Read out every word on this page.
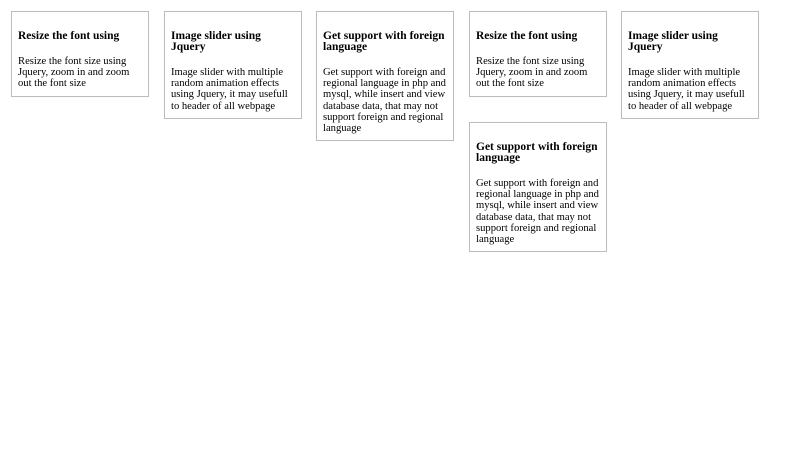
Resize the font using

Resize the font size using Jquery, zoom in and zoom out the font size

Image slider using Jquery

Image slider with multiple random animation effects using Jquery, it may usefull to header of all webpage

Get support with foreign language

Get support with foreign and regional language in php and mysql, while insert and view database data, that may not support foreign and regional language

Resize the font using

Resize the font size using Jquery, zoom in and zoom out the font size

Image slider using Jquery

Image slider with multiple random animation effects using Jquery, it may usefull to header of all webpage

Get support with foreign language

Get support with foreign and regional language in php and mysql, while insert and view database data, that may not support foreign and regional language
